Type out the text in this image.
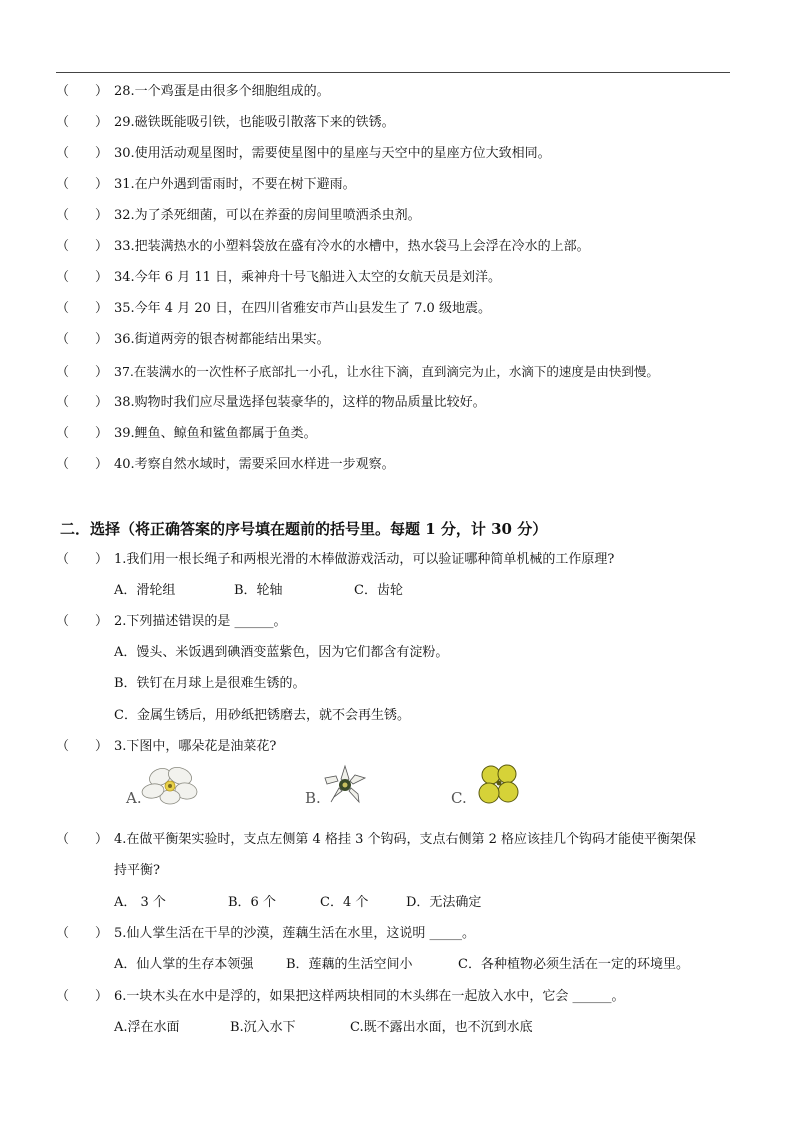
（　　） 28.一个鸡蛋是由很多个细胞组成的。
（　　） 29.磁铁既能吸引铁，也能吸引散落下来的铁锈。
（　　） 30.使用活动观星图时，需要使星图中的星座与天空中的星座方位大致相同。
（　　） 31.在户外遇到雷雨时，不要在树下避雨。
（　　） 32.为了杀死细菌，可以在养蚕的房间里喷洒杀虫剂。
（　　） 33.把装满热水的小塑料袋放在盛有冷水的水槽中，热水袋马上会浮在冷水的上部。
（　　） 34.今年 6 月 11 日，乘神舟十号飞船进入太空的女航天员是刘洋。
（　　） 35.今年 4 月 20 日，在四川省雅安市芦山县发生了 7.0 级地震。
（　　） 36.街道两旁的银杏树都能结出果实。
（　　） 37.在装满水的一次性杯子底部扎一小孔，让水往下滴，直到滴完为止，水滴下的速度是由快到慢。
（　　） 38.购物时我们应尽量选择包装豪华的，这样的物品质量比较好。
（　　） 39.鲤鱼、鲸鱼和鲨鱼都属于鱼类。
（　　） 40.考察自然水域时，需要采回水样进一步观察。
二．选择（将正确答案的序号填在题前的括号里。每题 1 分，计 30 分）
（　　） 1.我们用一根长绳子和两根光滑的木棒做游戏活动，可以验证哪种简单机械的工作原理?
A．滑轮组	B．轮轴	C．齿轮
（　　） 2.下列描述错误的是 ______。
A．馒头、米饭遇到碘酒变蓝紫色，因为它们都含有淀粉。
B．铁钉在月球上是很难生锈的。
C．金属生锈后，用砂纸把锈磨去，就不会再生锈。
（　　） 3.下图中，哪朵花是油菜花?
A.	B.	C.
（　　） 4.在做平衡架实验时，支点左侧第 4 格挂 3 个钩码，支点右侧第 2 格应该挂几个钩码才能使平衡架保
持平衡?
A． 3 个	B．6 个	C．4 个	D．无法确定
（　　） 5.仙人掌生活在干旱的沙漠，莲藕生活在水里，这说明 _____。
A．仙人掌的生存本领强	B．莲藕的生活空间小	C．各种植物必须生活在一定的环境里。
（　　） 6.一块木头在水中是浮的，如果把这样两块相同的木头绑在一起放入水中，它会 ______。
A.浮在水面	B.沉入水下	C.既不露出水面，也不沉到水底
